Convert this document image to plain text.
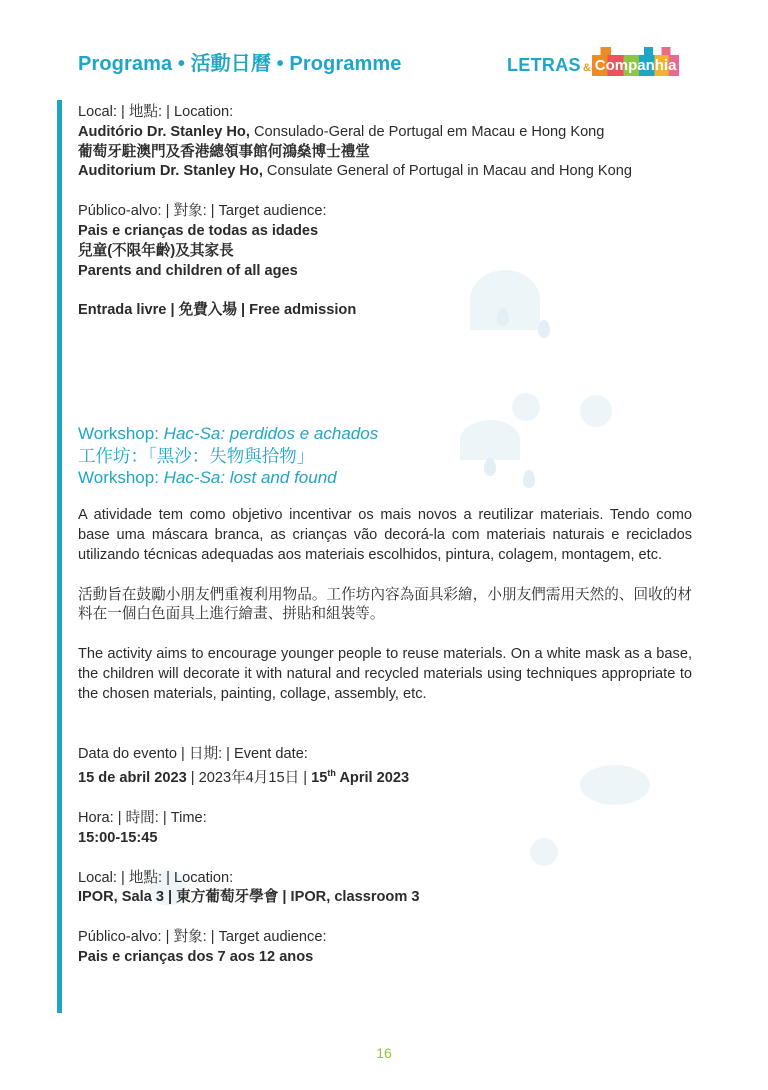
Programa • 活動日曆 • Programme	LETRAS & Companhia

Local: | 地點: | Location:

Auditório Dr. Stanley Ho, Consulado-Geral de Portugal em Macau e Hong Kong

葡萄牙駐澳門及香港總領事館何鴻燊博士禮堂

Auditorium Dr. Stanley Ho, Consulate General of Portugal in Macau and Hong Kong

Público-alvo: | 對象: | Target audience:

Pais e crianças de todas as idades

兒童(不限年齡)及其家長

Parents and children of all ages

Entrada livre | 免費入場 | Free admission

Workshop: Hac-Sa: perdidos e achados

工作坊：「黑沙：失物與拾物」

Workshop: Hac-Sa: lost and found

A atividade tem como objetivo incentivar os mais novos a reutilizar materiais. Tendo como base uma máscara branca, as crianças vão decorá-la com materiais naturais e reciclados utilizando técnicas adequadas aos materiais escolhidos, pintura, colagem, montagem, etc.

活動旨在鼓勵小朋友們重複利用物品。工作坊內容為面具彩繪，小朋友們需用天然的、回收的材料在一個白色面具上進行繪畫、拼貼和組裝等。

The activity aims to encourage younger people to reuse materials. On a white mask as a base, the children will decorate it with natural and recycled materials using techniques appropriate to the chosen materials, painting, collage, assembly, etc.

Data do evento | 日期: | Event date:

15 de abril 2023 | 2023年4月15日 | 15th April 2023

Hora: | 時間: | Time:

15:00-15:45

Local: | 地點: | Location:

IPOR, Sala 3 | 東方葡萄牙學會 | IPOR, classroom 3

Público-alvo: | 對象: | Target audience:

Pais e crianças dos 7 aos 12 anos

16
